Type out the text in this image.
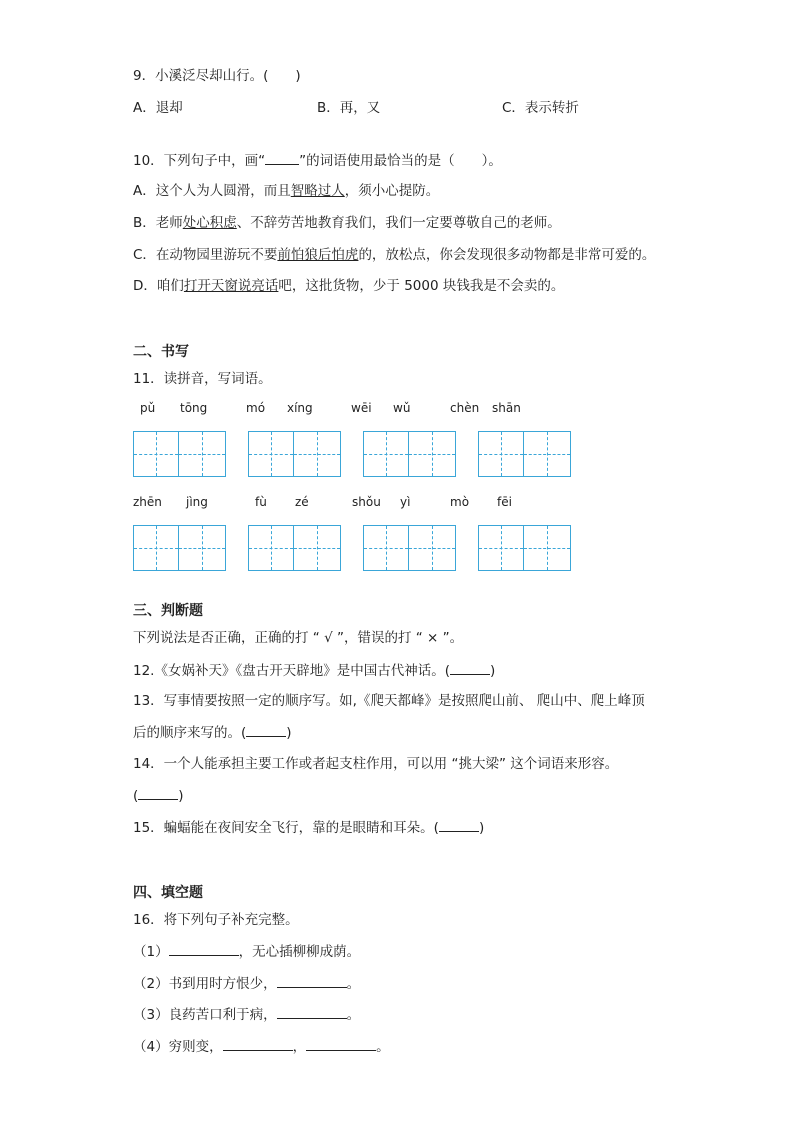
9．小溪泛尽却山行。(　　)
A．退却	B．再，又	C．表示转折
10．下列句子中，画“	”的词语使用最恰当的是（　　）。
A．这个人为人圆滑，而且智略过人，须小心提防。
B．老师处心积虑、不辞劳苦地教育我们，我们一定要尊敬自己的老师。
C．在动物园里游玩不要前怕狼后怕虎的，放松点，你会发现很多动物都是非常可爱的。
D．咱们打开天窗说亮话吧，这批货物，少于 5000 块钱我是不会卖的。
二、书写
11．读拼音，写词语。
pǔ tōng	mó xíng	wēi wǔ	chèn shān
zhēn jìng	fù zé	shǒu yì	mò fēi
三、判断题
下列说法是否正确，正确的打 “ √ ”，错误的打 “ × ”。
12.《女娲补天》《盘古开天辟地》是中国古代神话。(	)
13．写事情要按照一定的顺序写。如,《爬天都峰》是按照爬山前、 爬山中、爬上峰顶
后的顺序来写的。(	)
14．一个人能承担主要工作或者起支柱作用，可以用 “挑大梁” 这个词语来形容。
(	)
15．蝙蝠能在夜间安全飞行，靠的是眼睛和耳朵。(	)
四、填空题
16．将下列句子补充完整。
（1）	，无心插柳柳成荫。
（2）书到用时方恨少，	。
（3）良药苦口利于病，	。
（4）穷则变，	，	。
